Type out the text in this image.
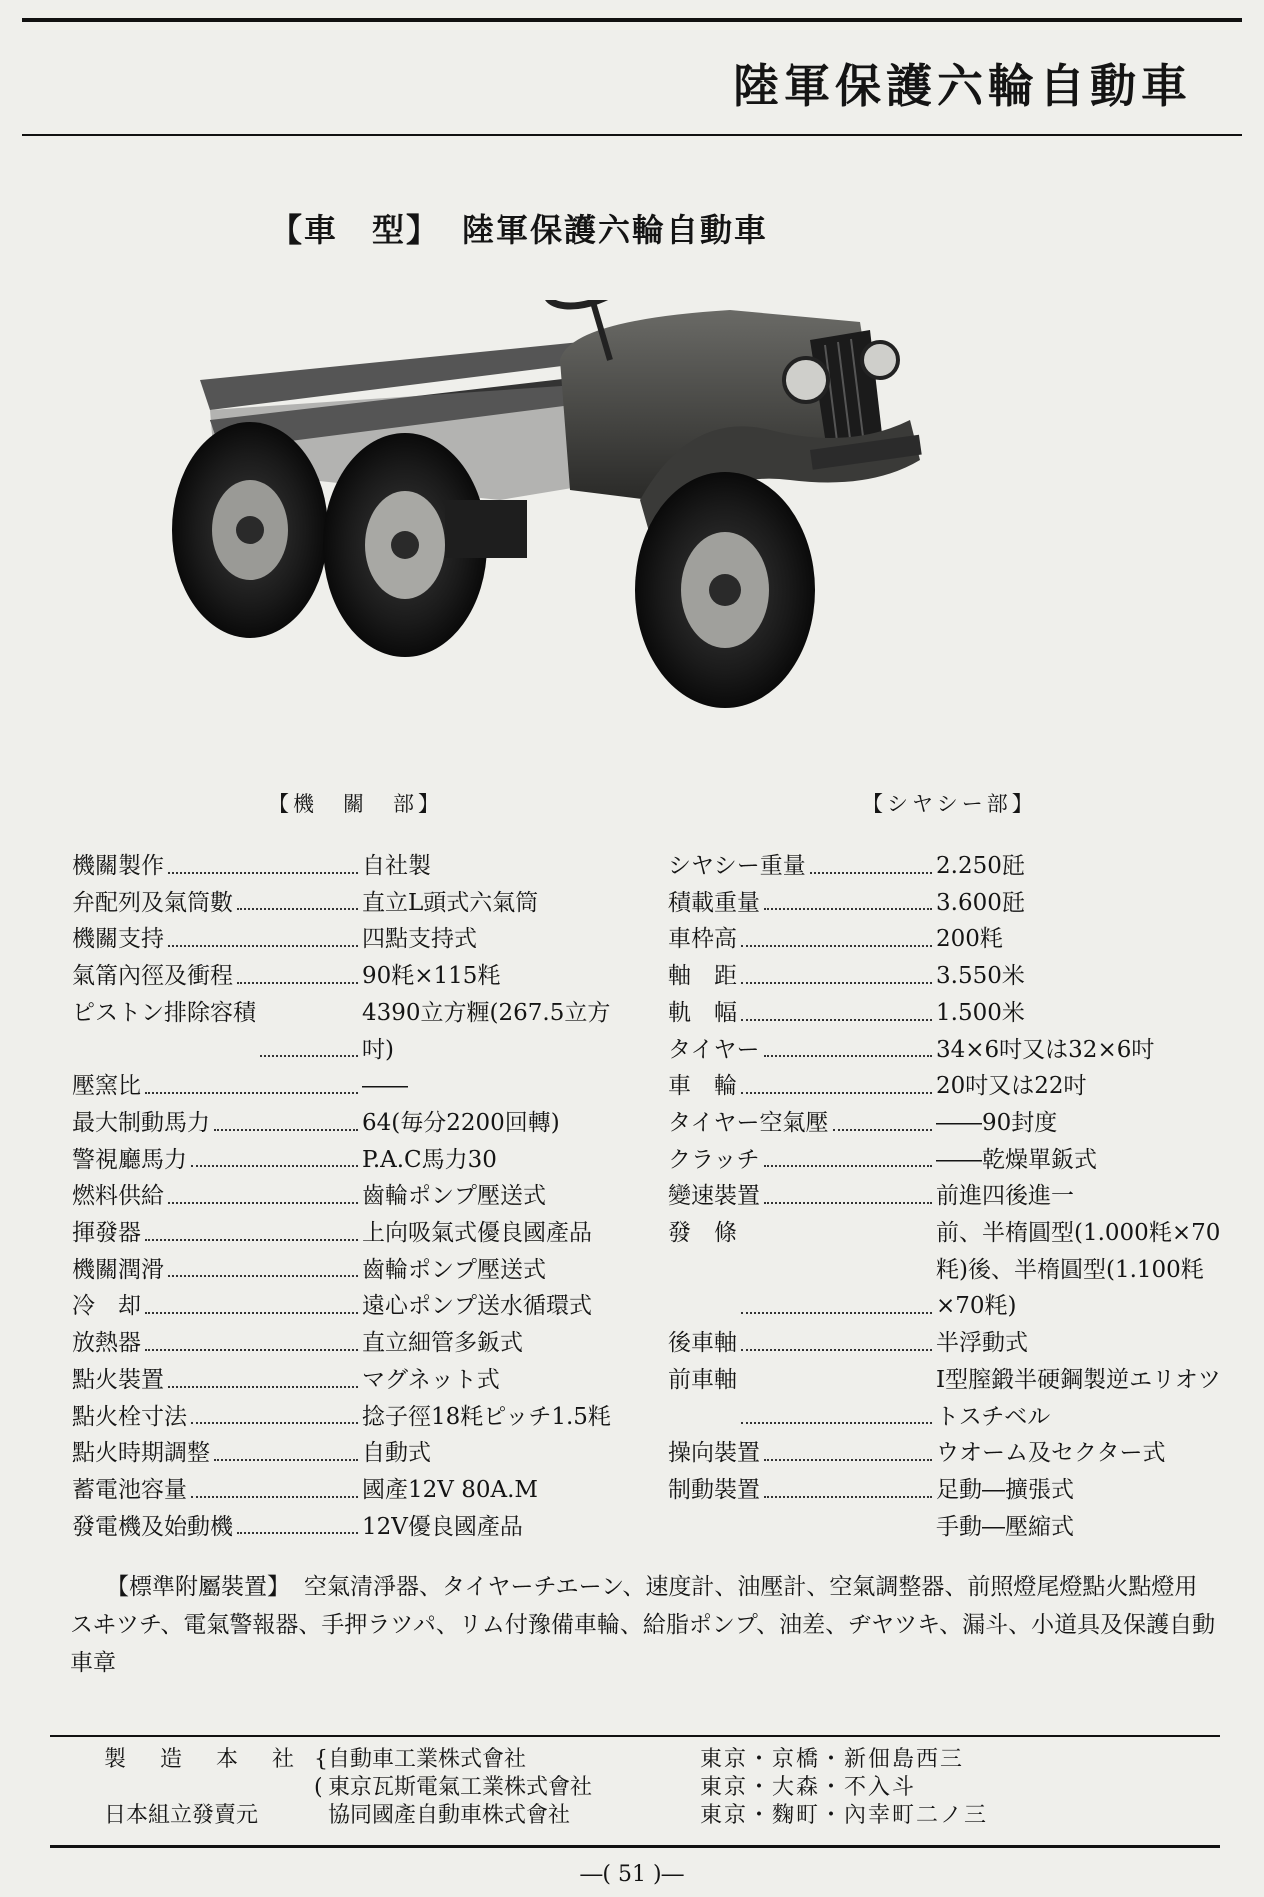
陸軍保護六輪自動車
【車　型】 陸軍保護六輪自動車
【機　關　部】
機關製作	自社製
弁配列及氣筒數	直立L頭式六氣筒
機關支持	四點支持式
氣筩內徑及衝程	90粍×115粍
ピストン排除容積	4390立方糎(267.5立方吋)
壓窯比	――
最大制動馬力	64(毎分2200回轉)
警視廳馬力	P.A.C馬力30
燃料供給	齒輪ポンプ壓送式
揮發器	上向吸氣式優良國產品
機關潤滑	齒輪ポンプ壓送式
冷　却	遠心ポンプ送水循環式
放熱器	直立細管多鈑式
點火裝置	マグネット式
點火栓寸法	捻子徑18粍ピッチ1.5粍
點火時期調整	自動式
蓄電池容量	國產12V 80A.M
發電機及始動機	12V優良國產品
【シヤシー部】
シヤシー重量	2.250瓩
積載重量	3.600瓩
車枠高	200粍
軸　距	3.550米
軌　幅	1.500米
タイヤー	34×6吋又は32×6吋
車　輪	20吋又は22吋
タイヤー空氣壓	――90封度
クラッチ	――乾燥單鈑式
變速裝置	前進四後進一
發　條	前、半楕圓型(1.000粍×70粍)後、半楕圓型(1.100粍×70粍)
後車軸	半浮動式
前車軸	I型膣鍛半硬鋼製逆エリオツトスチベル
操向裝置	ウオーム及セクター式
制動裝置	足動―擴張式
手動―壓縮式
【標準附屬裝置】 空氣清淨器、タイヤーチエーン、速度計、油壓計、空氣調整器、前照燈尾燈點火點燈用スヰツチ、電氣警報器、手押ラツパ、リム付豫備車輪、給脂ポンプ、油差、ヂヤツキ、漏斗、小道具及保護自動車章
製　造　本　社 { 自動車工業株式會社	東京・京橋・新佃島西三
( 東京瓦斯電氣工業株式會社	東京・大森・不入斗
日本組立發賣元	協同國產自動車株式會社	東京・麴町・內幸町二ノ三
―( 51 )―
